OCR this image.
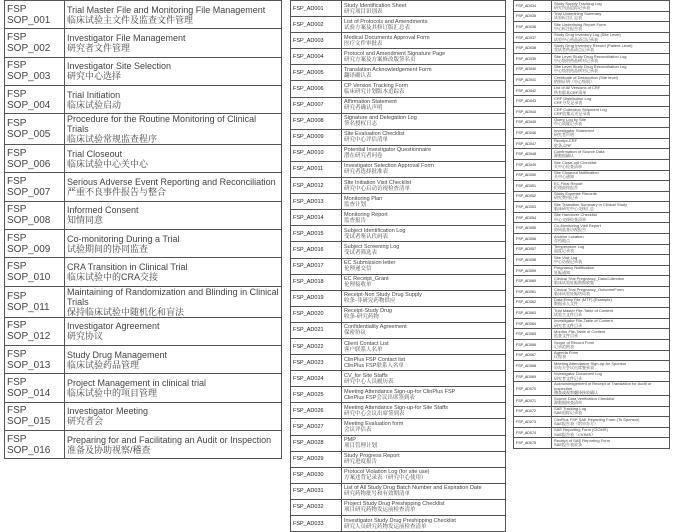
FSP
SOP_001	Trial Master File and Monitoring File Management
临床试验主文件及监查文件管理

FSP
SOP_002	Investigator File Management
研究者文件管理

FSP
SOP_003	Investigator Site Selection
研究中心选择

FSP
SOP_004	Trial Initiation
临床试验启动

FSP
SOP_005	Procedure for the Routine Monitoring of Clinical Trials
临床试验常规监查程序

FSP
SOP_006	Trial Closeout
临床试验中心关中心

FSP
SOP_007	Serious Adverse Event Reporting and Reconciliation
严重不良事件报告与整合

FSP
SOP_008	Informed Consent
知情同意

FSP
SOP_009	Co-monitoring During a Trial
试验期间的协同监查

FSP
SOP_010	CRA Transition in Clinical Trial
临床试验中的CRA交接

FSP
SOP_011	Maintaining of Randomization and Blinding in Clinical Trials
保持临床试验中随机化和盲法

FSP
SOP_012	Investigator Agreement
研究协议

FSP
SOP_013	Study Drug Management
临床试验药品管理

FSP
SOP_014	Project Management in clinical trial
临床试验中的项目管理

FSP
SOP_015	Investigator Meeting
研究者会

FSP
SOP_016	Preparing for and Facilitating an Audit or Inspection
准备及协助视察/稽查
FSP_AD001	Study Identification Sheet
研究项目识别表

FSP_AD002	List of Protocols and Amendments
试验方案及其修订版汇总表

FSP_AD003	Medical Documents Approval Form
医疗文件审批表

FSP_AD004	Protocol and Amendment Signature Page
研究方案及方案修改版签名页

FSP_AD005	Translation Acknowledgement Form
翻译确认表

FSP_AD006	CP Version Tracking Form
临床研究计划版本追踪表

FSP_AD007	Affirmation Statement
研究者确认声明

FSP_AD008	Signature and Delegation Log
签名授权日志

FSP_AD009	Site Evaluation Checklist
研究中心评估清单

FSP_AD010	Potential Investigator Questionnaire
潜在研究者问卷

FSP_AD011	Investigator Selection Approval Form
研究者选择批准表

FSP_AD012	Site Initiation Visit Checklist
研究中心启动访视检查清单

FSP_AD013	Monitoring Plan
监查计划

FSP_AD014	Monitoring Report
监查报告

FSP_AD015	Subject Identification Log
受试者鉴认代码表

FSP_AD016	Subject Screening Log
受试者筛选表

FSP_AD017	EC Submission letter
伦理递交信

FSP_AD018	EC Receipt_Grant
伦理接收单

FSP_AD019	Receipt-Non Study Drug Supply
收条-非研究药物供应

FSP_AD020	Receipt-Study Drug
收条-研究药物

FSP_AD021	Confidentiality Agreement
保密协议

FSP_AD022	Client Contact List
客户联系人名单

FSP_AD023	ClinPlus FSP Contact list
ClinPlus FSP联系人名单

FSP_AD024	CV_for Site Staffs
研究中心人员履历表

FSP_AD025	Meeting Attendance Sign-up-for ClinPlus FSP
ClinPlus FSP会议出席签到表

FSP_AD026	Meeting Attendance Sign-up-for Site Staffs
研究中心会议出席签到表

FSP_AD027	Meeting Evaluation form
会议评估表

FSP_AD028	PMP
项目管理计划

FSP_AD029	Study Progress Report
研究进度报告

FSP_AD030	Protocol Violation Log (for site use)
方案违背记录表（研究中心使用）

FSP_AD031	List of All Study Drug Batch Number and Expiration Date
研究药物批号和有效期清单

FSP_AD032	Project Study Drug Preshipping Checklist
项目研究药物发运前检查清单

FSP_AD033	Investigator Study Drug Preshipping Checklist
研究人员研究药物发运前检查清单
FSP_AD034	Study Supply Tracking Log
研究用品追踪记录表

FSP_AD035	Trial Underlining Summary
试验标注汇总表

FSP_AD036	Site Underlining Report Form
中心标注报告表

FSP_AD037	Study Drug Inventory Log (Site Level)
试验中心药品清点记录表

FSP_AD038	Study Drug Inventory Record (Patient Level)
受试者药品清点记录表

FSP_AD039	Site Level Study Drug Reconciliation Log
中心级别药品核对记录表

FSP_AD040	Site Level Study Drug Reconciliation Log
中心级别药品核对记录表

FSP_AD041	Certificate of Destruction (Site level)
销毁证明（中心级别）

FSP_AD042	List of All Versions of CRF
所有版本CRF清单

FSP_AD043	CRF Distribution Log
CRF分发记录表

FSP_AD044	CRF Collection Shipment Log
CRF收集运送记录表

FSP_AD045	Query Log by Site
中心质疑记录表

FSP_AD046	Investigator Statement
研究者声明

FSP_AD047	Receipt-CRF
收条-CRF

FSP_AD048	Confirmation of Source Data
源数据确认

FSP_AD049	Site Close-out Checklist
关中心检查清单

FSP_AD050	Site Closeout Notification
关中心通知

FSP_AD051	EC Final Report
伦理最终报告

FSP_AD052	Study Expense Records
研究费用记录

FSP_AD053	Site Transition Summary in Clinical Study
临床研究中心交接汇总

FSP_AD054	Site Handover Checklist
中心交接检查清单

FSP_AD055	Co-Monitoring Visit Report
协同监查访视报告

FSP_AD056	Archive Location
存档地点

FSP_AD057	Temperature Log
温度记录表

FSP_AD058	Site Visit Log
中心访视记录表

FSP_AD059	Pregnancy Notification
妊娠通知

FSP_AD060	Clinical Trial Pregnancy_DataCollection
临床试验妊娠数据收集

FSP_AD061	Clinical Trial Pregnancy_OutcomeForm
临床试验妊娠结局表

FSP_AD062	Data Entry File (MTF) (Example)
数据录入文件

FSP_AD063	Trial Master File-Table of Content
试验主文件目录

FSP_AD064	Investigator File-Table of Content
研究者文件目录

FSP_AD065	Monitor File-Table of Content
监查文件目录

FSP_AD066	Scope of Record Form
记录范围表

FSP_AD067	Agenda Form
议程表

FSP_AD068	Meeting Attendance Sign-up-for Sponsor
申办方会议出席签到表

FSP_AD069	Investigator Document Log
研究者文件记录

FSP_AD070	Acknowledgement of Receipt of Translation for Audit or Inspection
稽查或视察翻译接收确认

FSP_AD071	Source Data Verification Checklist
源数据核查清单

FSP_AD072	SAE Tracking Log
SAE追踪记录表

FSP_AD073	ClinPlus FSP SAE Reporting Form (To Sponsor)
SAE报告表（给申办方）

FSP_AD074	SAE Reporting Form (CIOMS)
SAE报告表（CIOMS）

FSP_AD075	Receipt of SAE Reporting Form
SAE报告表收条
